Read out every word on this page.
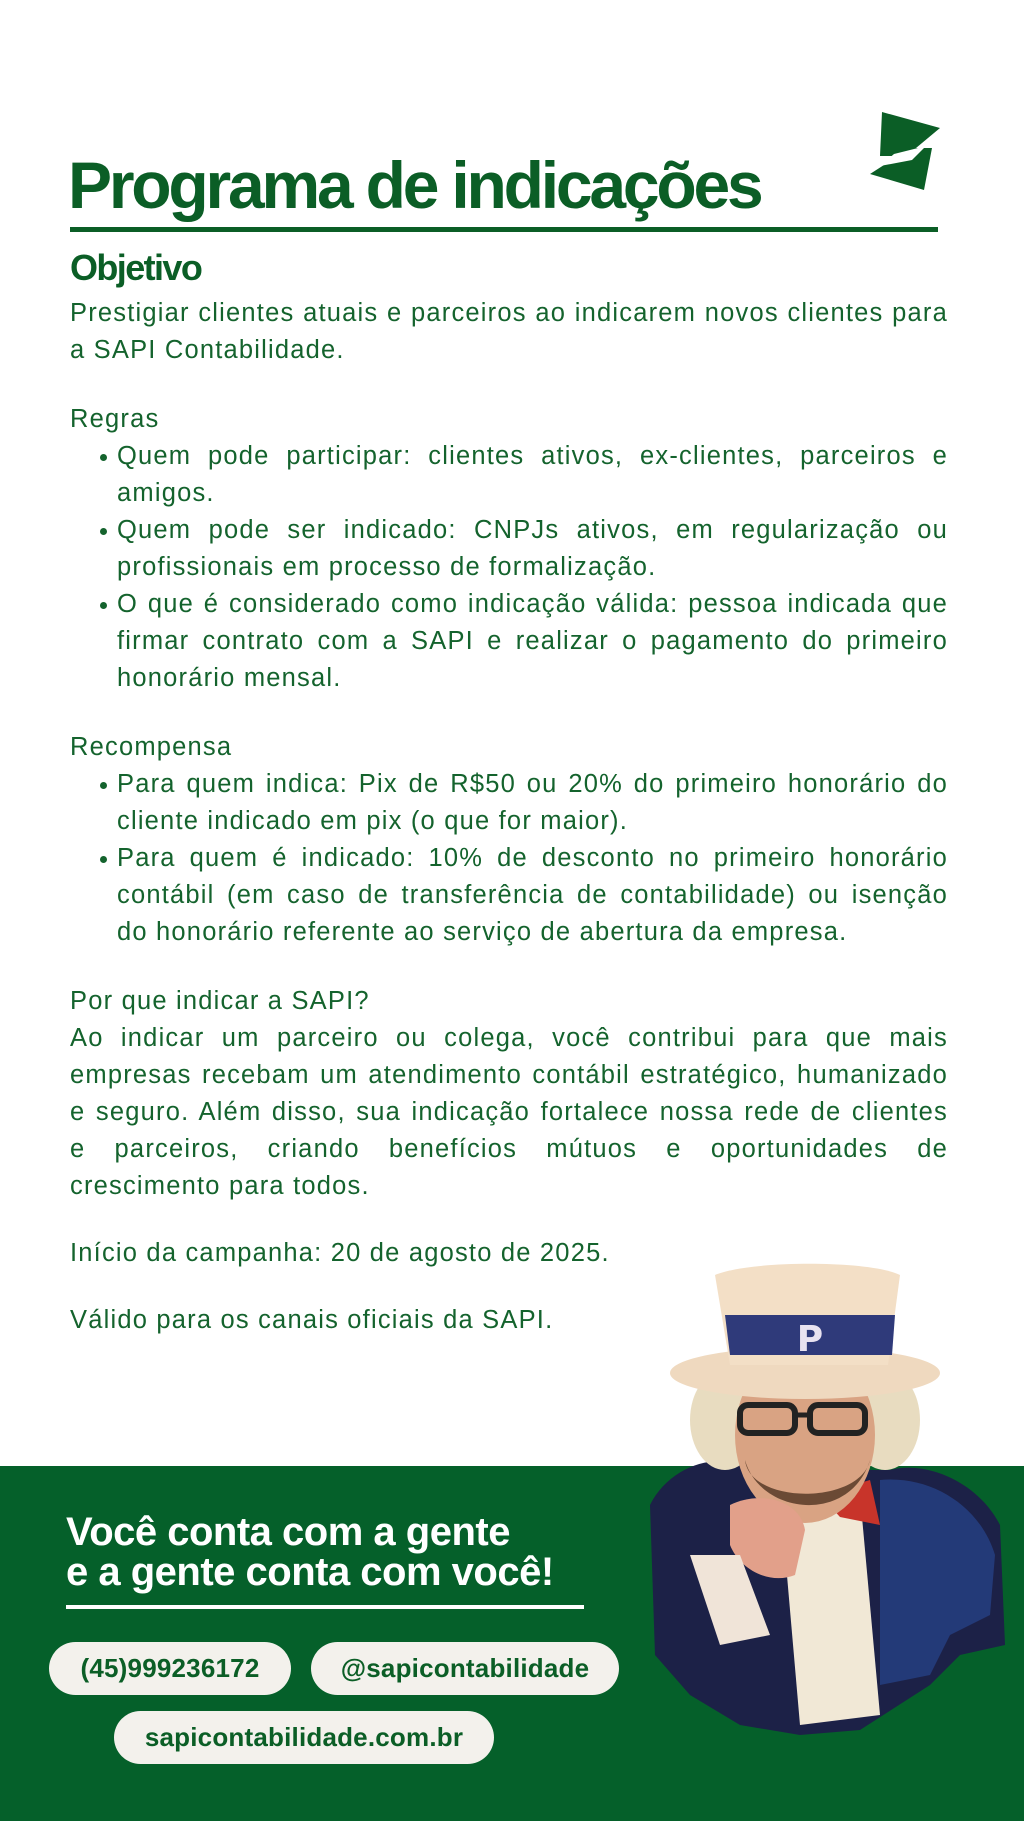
Programa de indicações
Objetivo

Prestigiar clientes atuais e parceiros ao indicarem novos clientes para a SAPI Contabilidade.

Regras

Quem pode participar: clientes ativos, ex-clientes, parceiros e amigos.
Quem pode ser indicado: CNPJs ativos, em regularização ou profissionais em processo de formalização.
O que é considerado como indicação válida: pessoa indicada que firmar contrato com a SAPI e realizar o pagamento do primeiro honorário mensal.

Recompensa

Para quem indica: Pix de R$50 ou 20% do primeiro honorário do cliente indicado em pix (o que for maior).
Para quem é indicado: 10% de desconto no primeiro honorário contábil (em caso de transferência de contabilidade) ou isenção do honorário referente ao serviço de abertura da empresa.

Por que indicar a SAPI?

Ao indicar um parceiro ou colega, você contribui para que mais empresas recebam um atendimento contábil estratégico, humanizado e seguro. Além disso, sua indicação fortalece nossa rede de clientes e parceiros, criando benefícios mútuos e oportunidades de crescimento para todos.

Início da campanha: 20 de agosto de 2025.

Válido para os canais oficiais da SAPI.

Você conta com a gente
e a gente conta com você!
(45)999236172	@sapicontabilidade
sapicontabilidade.com.br
P
